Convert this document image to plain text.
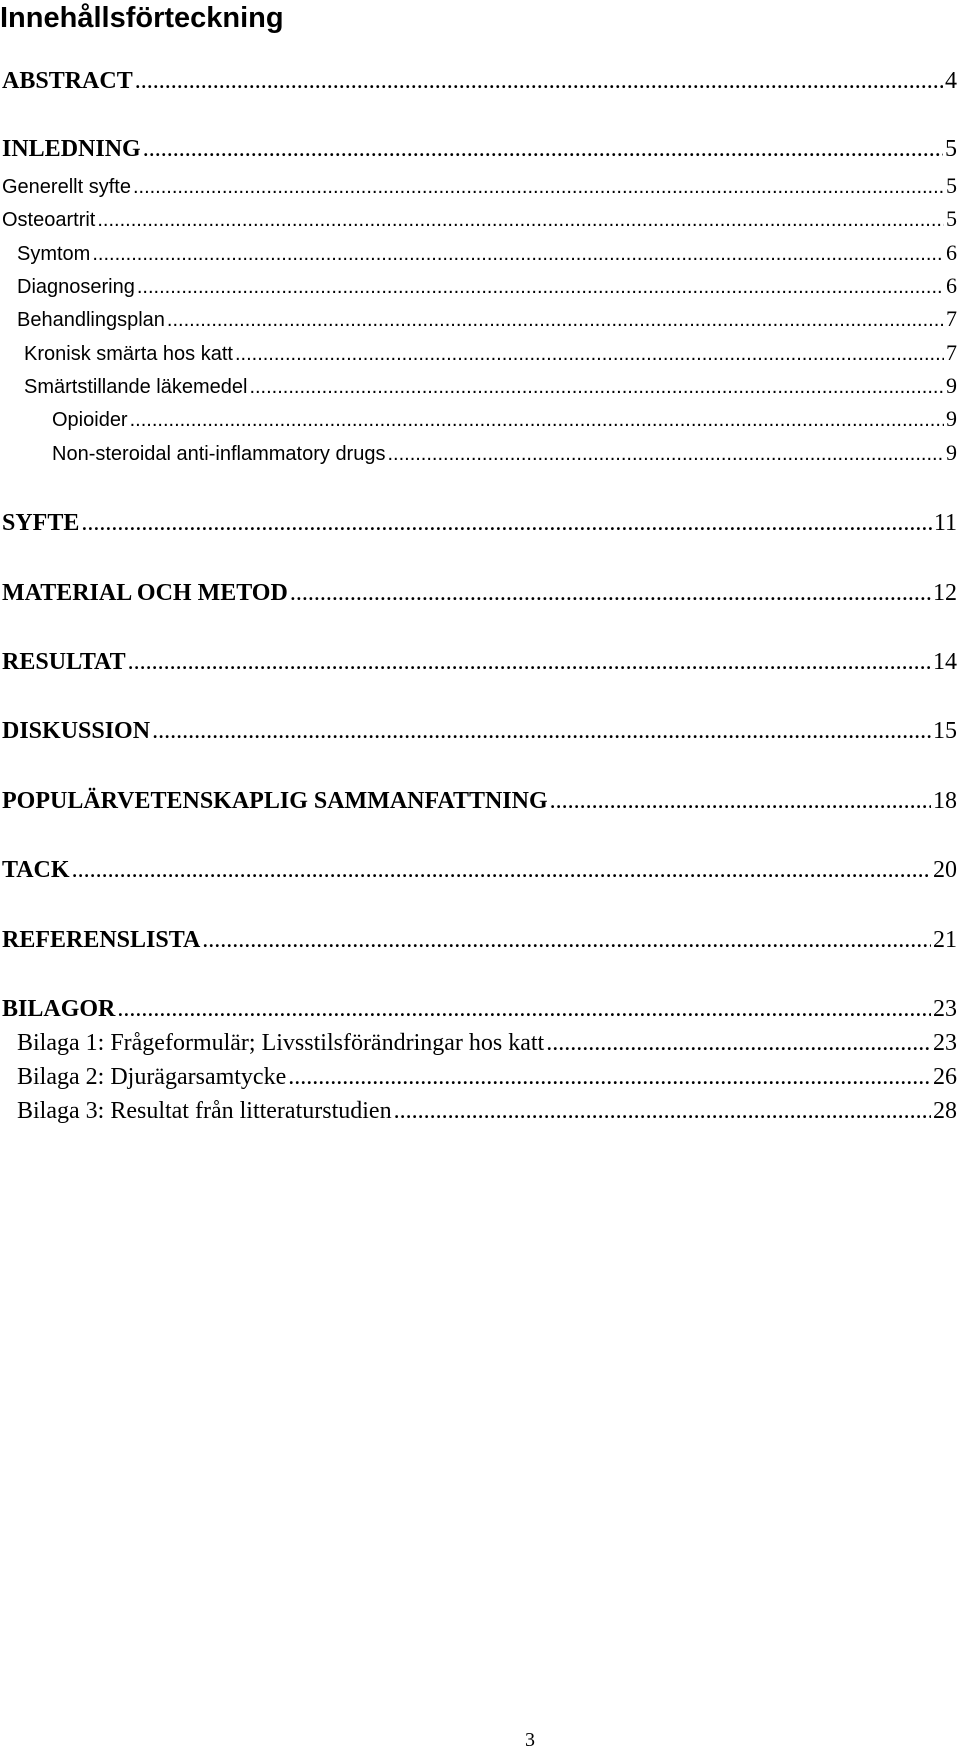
Innehållsförteckning
ABSTRACT .....	4
INLEDNING .....	5
Generellt syfte .....	5
Osteoartrit .....	5
Symtom .....	6
Diagnosering .....	6
Behandlingsplan .....	7
Kronisk smärta hos katt .....	7
Smärtstillande läkemedel .....	9
Opioider .....	9
Non-steroidal anti-inflammatory drugs .....	9
SYFTE .....	11
MATERIAL OCH METOD .....	12
RESULTAT .....	14
DISKUSSION .....	15
POPULÄRVETENSKAPLIG SAMMANFATTNING .....	18
TACK .....	20
REFERENSLISTA .....	21
BILAGOR .....	23
Bilaga 1: Frågeformulär; Livsstilsförändringar hos katt .....	23
Bilaga 2: Djurägarsamtycke .....	26
Bilaga 3: Resultat från litteraturstudien .....	28
3
